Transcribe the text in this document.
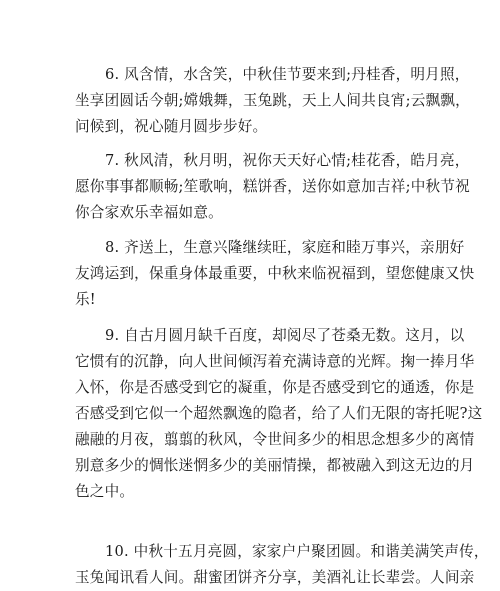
6. 风含情，水含笑，中秋佳节要来到;丹桂香，明月照，
坐享团圆话今朝;嫦娥舞，玉兔跳，天上人间共良宵;云飘飘，
问候到，祝心随月圆步步好。
7. 秋风清，秋月明，祝你天天好心情;桂花香，皓月亮，
愿你事事都顺畅;笙歌响，糕饼香，送你如意加吉祥;中秋节祝
你合家欢乐幸福如意。
8. 齐送上，生意兴隆继续旺，家庭和睦万事兴，亲朋好
友鸿运到，保重身体最重要，中秋来临祝福到，望您健康又快
乐!
9. 自古月圆月缺千百度，却阅尽了苍桑无数。这月，以
它惯有的沉静，向人世间倾泻着充满诗意的光辉。掬一捧月华
入怀，你是否感受到它的凝重，你是否感受到它的通透，你是
否感受到它似一个超然飘逸的隐者，给了人们无限的寄托呢?这
融融的月夜，翦翦的秋风，令世间多少的相思念想多少的离情
别意多少的惆怅迷惘多少的美丽情操，都被融入到这无边的月
色之中。
10. 中秋十五月亮圆，家家户户聚团圆。和谐美满笑声传，
玉兔闻讯看人间。甜蜜团饼齐分享，美酒礼让长辈尝。人间亲
